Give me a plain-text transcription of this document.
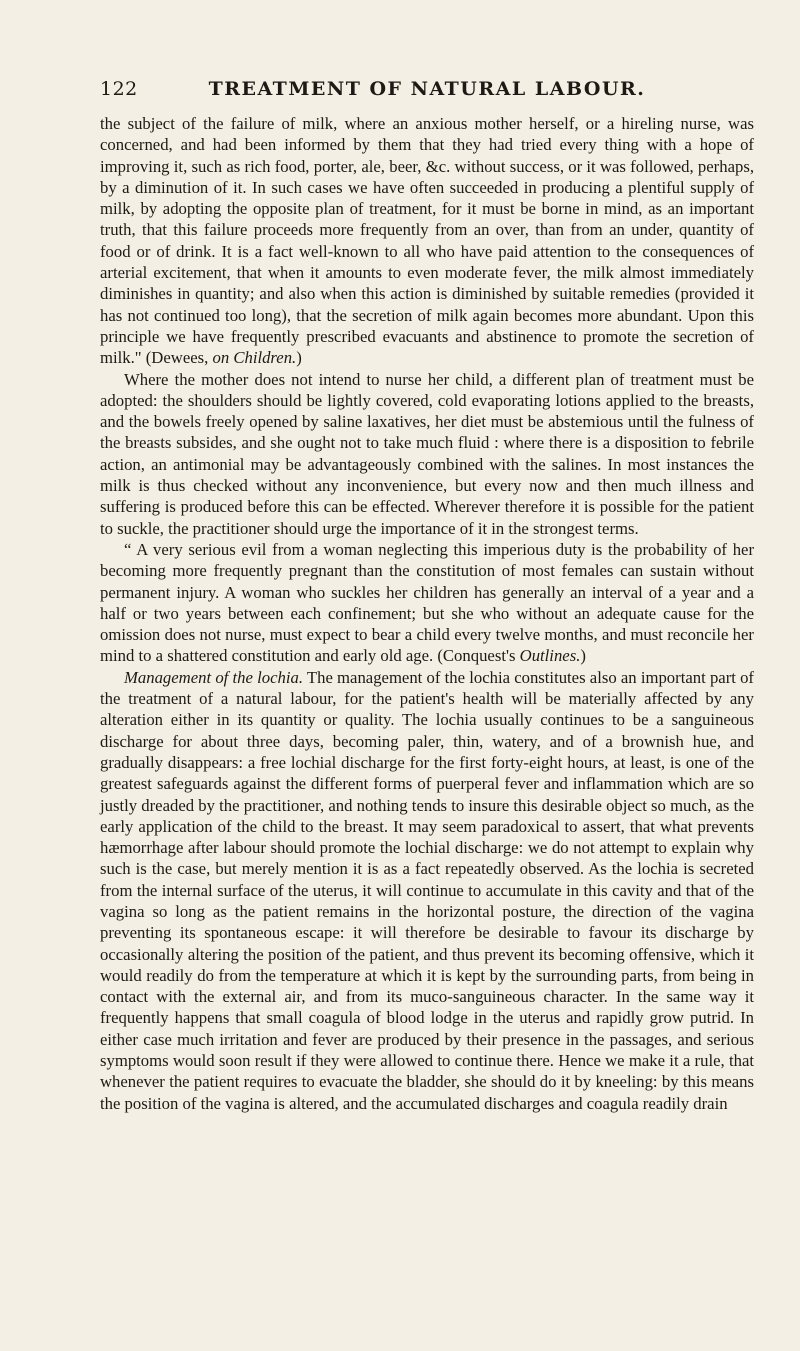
122	TREATMENT OF NATURAL LABOUR.

the subject of the failure of milk, where an anxious mother herself, or a hireling nurse, was concerned, and had been informed by them that they had tried every thing with a hope of improving it, such as rich food, porter, ale, beer, &c. without success, or it was followed, perhaps, by a diminution of it. In such cases we have often succeeded in producing a plentiful supply of milk, by adopting the opposite plan of treatment, for it must be borne in mind, as an important truth, that this failure proceeds more frequently from an over, than from an under, quantity of food or of drink. It is a fact well-known to all who have paid attention to the consequences of arterial excitement, that when it amounts to even moderate fever, the milk almost immediately diminishes in quantity; and also when this action is diminished by suitable remedies (provided it has not continued too long), that the secretion of milk again becomes more abundant. Upon this principle we have frequently prescribed evacuants and abstinence to promote the secretion of milk." (Dewees, on Children.)

Where the mother does not intend to nurse her child, a different plan of treatment must be adopted: the shoulders should be lightly covered, cold evaporating lotions applied to the breasts, and the bowels freely opened by saline laxatives, her diet must be abstemious until the fulness of the breasts subsides, and she ought not to take much fluid : where there is a disposition to febrile action, an antimonial may be advantageously combined with the salines. In most instances the milk is thus checked without any inconvenience, but every now and then much illness and suffering is produced before this can be effected. Wherever therefore it is possible for the patient to suckle, the practitioner should urge the importance of it in the strongest terms.

“ A very serious evil from a woman neglecting this imperious duty is the probability of her becoming more frequently pregnant than the constitution of most females can sustain without permanent injury. A woman who suckles her children has generally an interval of a year and a half or two years between each confinement; but she who without an adequate cause for the omission does not nurse, must expect to bear a child every twelve months, and must reconcile her mind to a shattered constitution and early old age. (Conquest's Outlines.)

Management of the lochia. The management of the lochia constitutes also an important part of the treatment of a natural labour, for the patient's health will be materially affected by any alteration either in its quantity or quality. The lochia usually continues to be a sanguineous discharge for about three days, becoming paler, thin, watery, and of a brownish hue, and gradually disappears: a free lochial discharge for the first forty-eight hours, at least, is one of the greatest safeguards against the different forms of puerperal fever and inflammation which are so justly dreaded by the practitioner, and nothing tends to insure this desirable object so much, as the early application of the child to the breast. It may seem paradoxical to assert, that what prevents hæmorrhage after labour should promote the lochial discharge: we do not attempt to explain why such is the case, but merely mention it is as a fact repeatedly observed. As the lochia is secreted from the internal surface of the uterus, it will continue to accumulate in this cavity and that of the vagina so long as the patient remains in the horizontal posture, the direction of the vagina preventing its spontaneous escape: it will therefore be desirable to favour its discharge by occasionally altering the position of the patient, and thus prevent its becoming offensive, which it would readily do from the temperature at which it is kept by the surrounding parts, from being in contact with the external air, and from its muco-sanguineous character. In the same way it frequently happens that small coagula of blood lodge in the uterus and rapidly grow putrid. In either case much irritation and fever are produced by their presence in the passages, and serious symptoms would soon result if they were allowed to continue there. Hence we make it a rule, that whenever the patient requires to evacuate the bladder, she should do it by kneeling: by this means the position of the vagina is altered, and the accumulated discharges and coagula readily drain
